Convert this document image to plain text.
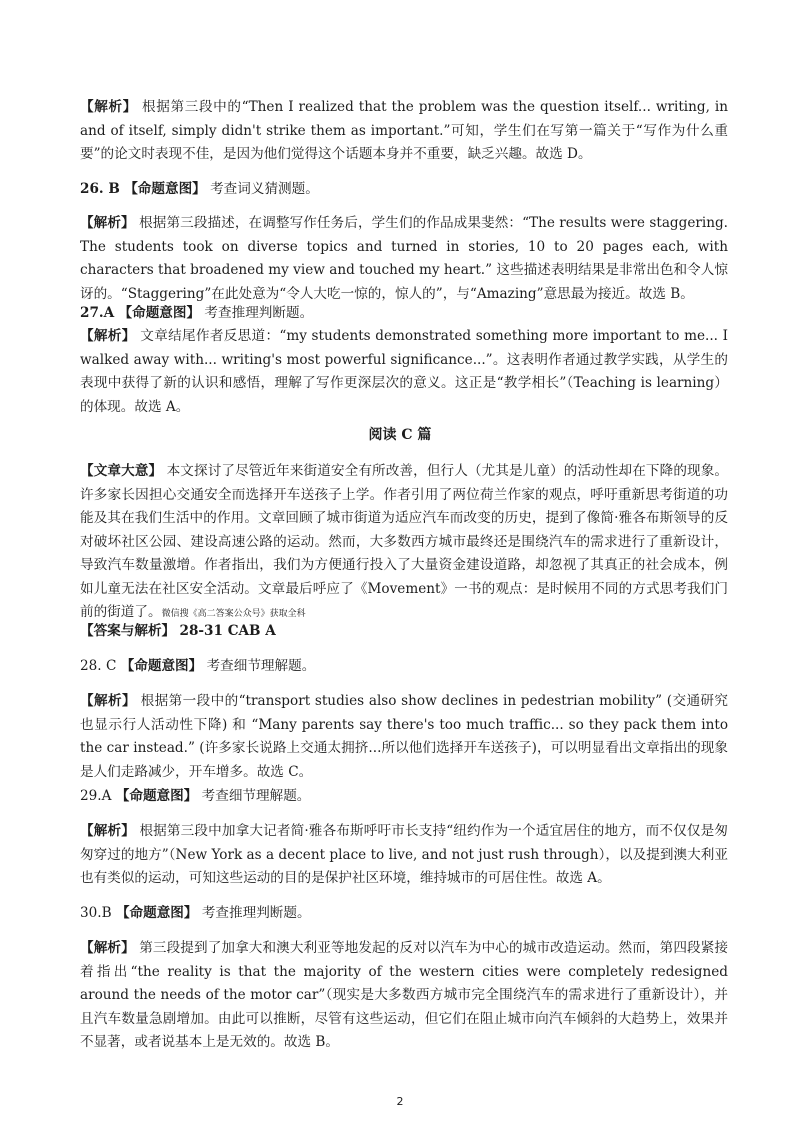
【解析】 根据第三段中的“Then I realized that the problem was the question itself... writing, in and of itself, simply didn't strike them as important.”可知，学生们在写第一篇关于“写作为什么重要”的论文时表现不佳，是因为他们觉得这个话题本身并不重要，缺乏兴趣。故选 D。

26. B 【命题意图】 考查词义猜测题。

【解析】 根据第三段描述，在调整写作任务后，学生们的作品成果斐然：“The results were staggering. The students took on diverse topics and turned in stories, 10 to 20 pages each, with characters that broadened my view and touched my heart.” 这些描述表明结果是非常出色和令人惊讶的。“Staggering”在此处意为“令人大吃一惊的，惊人的”，与“Amazing”意思最为接近。故选 B。

27.A 【命题意图】 考查推理判断题。

【解析】 文章结尾作者反思道：“my students demonstrated something more important to me... I walked away with... writing's most powerful significance...”。这表明作者通过教学实践，从学生的表现中获得了新的认识和感悟，理解了写作更深层次的意义。这正是“教学相长”（Teaching is learning）的体现。故选 A。

阅读 C 篇

【文章大意】 本文探讨了尽管近年来街道安全有所改善，但行人（尤其是儿童）的活动性却在下降的现象。许多家长因担心交通安全而选择开车送孩子上学。作者引用了两位荷兰作家的观点，呼吁重新思考街道的功能及其在我们生活中的作用。文章回顾了城市街道为适应汽车而改变的历史，提到了像简·雅各布斯领导的反对破坏社区公园、建设高速公路的运动。然而，大多数西方城市最终还是围绕汽车的需求进行了重新设计，导致汽车数量激增。作者指出，我们为方便通行投入了大量资金建设道路，却忽视了其真正的社会成本，例如儿童无法在社区安全活动。文章最后呼应了《Movement》一书的观点：是时候用不同的方式思考我们门前的街道了。微信搜《高二答案公众号》获取全科

【答案与解析】 28-31 CAB A

28. C 【命题意图】 考查细节理解题。

【解析】 根据第一段中的“transport studies also show declines in pedestrian mobility” (交通研究也显示行人活动性下降) 和 “Many parents say there's too much traffic... so they pack them into the car instead.” (许多家长说路上交通太拥挤...所以他们选择开车送孩子)，可以明显看出文章指出的现象是人们走路减少，开车增多。故选 C。

29.A 【命题意图】 考查细节理解题。

【解析】 根据第三段中加拿大记者简·雅各布斯呼吁市长支持“纽约作为一个适宜居住的地方，而不仅仅是匆匆穿过的地方”（New York as a decent place to live, and not just rush through），以及提到澳大利亚也有类似的运动，可知这些运动的目的是保护社区环境，维持城市的可居住性。故选 A。

30.B 【命题意图】 考查推理判断题。

【解析】 第三段提到了加拿大和澳大利亚等地发起的反对以汽车为中心的城市改造运动。然而，第四段紧接着指出“the reality is that the majority of the western cities were completely redesigned around the needs of the motor car”（现实是大多数西方城市完全围绕汽车的需求进行了重新设计），并且汽车数量急剧增加。由此可以推断，尽管有这些运动，但它们在阻止城市向汽车倾斜的大趋势上，效果并不显著，或者说基本上是无效的。故选 B。

2
